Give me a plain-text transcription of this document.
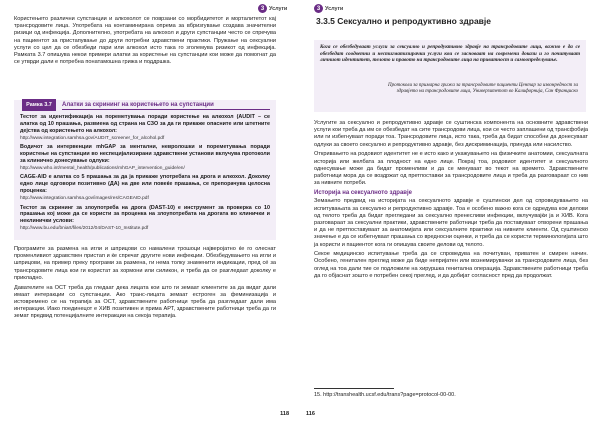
3 Услуги

Користењето различни супстанции и алкохолот се поврзани со морбидитетот и морталитетот кај трансродовите лица. Употребата на контаминирана опрема за вбризгување создава значителни ризици од инфекција. Дополнително, употребата на алкохол и други супстанции често се спречува на пациентот за пристапување до други потребни здравствени практики. Пружање на сексуални услуги со цел да се обезбеди пари или алкохол исто така го зголемува ризикот од инфекција. Рамката 3.7 опишува некои примери алатки за користење на супстанции кои може да помогнат да се утврди дали е потребна понатамошна грижа и поддршка.

Рамка 3.7	Алатки за скрининг на користењето на супстанции

Тестот за идентификација на пореметувања поради користење на алкохол (AUDIT – се алатка од 10 прашања, развиена од страна на СЗО за да ги прикаже опасните или штетните дејства од користењето на алкохол:

http://www.integration.samhsa.gov/AUDIT_screener_for_alcohol.pdf

Водичот за интервенции mhGAP за ментални, невролошки и пореметувања поради користење на супстанции во неспецијализирани здравствени установи вклучува протоколи за клинично донесување одлуки:

http://www.who.int/mental_health/publications/mhGAP_intervention_guide/en/

CAGE-AID е алатка со 5 прашања за да ја прикаже употребата на дрога и алкохол. Доколку едно лице одговори позитивно (ДА) на две или повеќе прашања, се препорачува целосна проценка:

http://www.integration.samhsa.gov/images/res/CAGEAID.pdf

Тестот за скрининг за злоупотреба на дрога (DAST-10) е инструмент за проверка со 10 прашања кој може да се користи за проценка на злоупотребата на дрогата во клинички и неклинички услови:

http://www.bu.edu/bniart/files/2012/04/DAST-10_Institute.pdf

Програмите за размена на игли и шприцови со намалени трошоци најверојатно ќе го олеснат променливиот здравствен пристап и ќе спречат другите нови инфекции. Обезбедувањето на игли и шприцови, на пример преку програми за размена, ги нема толку знаменити индикации, пред сé за трансродовите лица кои ги користат за хормони или силикон, и треба да се разгледаат доколку е прикладно.

Давателите на ОСТ треба да гледаат дека лицата кои што ги земаат клиентите за да видат дали имаат интеракции со супстанции. Ако транс-лицата земаат естроген за феминизација и истовремено се на терапија за ОСТ, здравствените работници треба да разгледаат дали има интеракции. Иако поединецот е ХИВ позитивен и прима АРТ, здравствените работници треба да ги земат предвид потенцијалните интеракции на секоја терапија.

118
3 Услуги
3.3.5 Сексуално и репродуктивно здравје
Кога се обезбедуваат услуги за сексуално и репродуктивно здравје на трансродовите лица, важно е да се обезбедат соодветни и нестигматизирачки услуги кои се засноваат на современи докази и го почитуваат личниот идентитет, телото и правото на трансродовите лица на приватност и самоопределување.
Протоколи за примарна грижа за трансродовите пациенти Центар за извонредност за здравјето на трансродовите лица, Универзитетот во Калифорнија, Сан Франциско

Услугите за сексуално и репродуктивно здравје се суштинска компонента на основните здравствени услуги кои треба да им се обезбедат на сите трансродови лица, кои се често заплашени од трансфобија или ги избегнуваат поради тоа. Трансродовите лица, исто така, треба да бидат способни да донесуваат одлуки за своето сексуално и репродуктивно здравје, без дискриминација, принуда или насилство.

Откривањето на родовиот идентитет не е исто како и укажувањето на физичките анатомии, сексуалната историја или желбата за плодност на едно лице. Покрај тоа, родовиот идентитет и сексуалното однесување може да бидат променливи и да се менуваат во текот на времето. Здравствените работници мора да се воздржат од претпоставки за трансродовите лица и треба да разговараат со нив за нивните потреби.

Историја на сексуалното здравје

Земањето предвид на историјата на сексуалното здравје е суштински дел од спроведувањето на испитувањата за сексуално и репродуктивно здравје. Тоа е особено важно кога се одредува кои делови од телото треба да бидат прегледани за сексуално пренесливи инфекции, вклучувајќи ја и ХИВ. Кога разговараат за сексуални практики, здравствените работници треба да поставуваат отворени прашања и да не претпоставуваат за анатомијата или сексуалните практики на нивните клиенти. Од суштинско значење е да се избегнуваат прашања со вредносни оценки, и треба да се користи терминологијата што ја користи и пациентот кога ги опишува своите делови од телото.

Секое медицинско испитување треба да се спроведува на почитуван, приватен и смирен начин. Особено, генитален преглед може да биде непријатен или вознемирувачки за трансродовите лица, без оглед на тоа дали тие се подложиле на хируршка генитална операција. Здравствените работници треба да го објаснат зошто е потребен секој преглед, и да добијат согласност пред да продолжат.

15. http://transhealth.ucsf.edu/trans?page=protocol-00-00.
116
